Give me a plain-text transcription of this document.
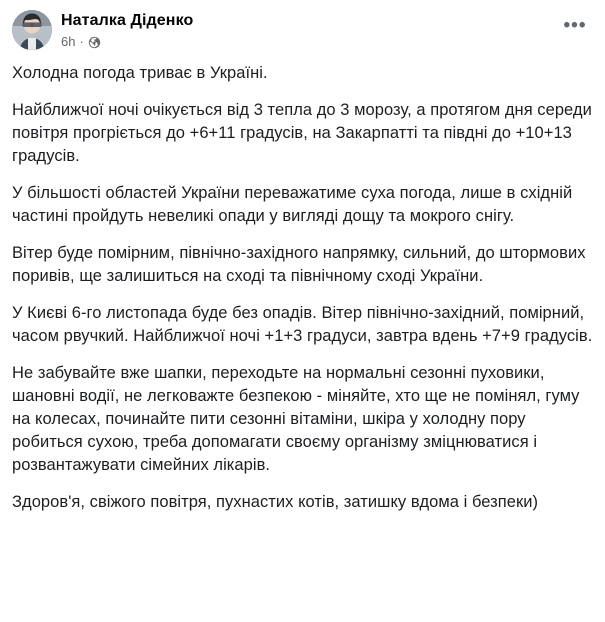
Наталка Діденко
6h ·
•••

Холодна погода триває в Україні.

Найближчої ночі очікується від 3 тепла до 3 морозу, а протягом дня середи повітря прогріється до +6+11 градусів, на Закарпатті та півдні до +10+13 градусів.

У більшості областей України переважатиме суха погода, лише в східній частині пройдуть невеликі опади у вигляді дощу та мокрого снігу.

Вітер буде помірним, північно-західного напрямку, сильний, до штормових поривів, ще залишиться на сході та північному сході України.

У Києві 6-го листопада буде без опадів. Вітер північно-західний, помірний, часом рвучкий. Найближчої ночі +1+3 градуси, завтра вдень +7+9 градусів.

Не забувайте вже шапки, переходьте на нормальні сезонні пуховики, шановні водії, не легковажте безпекою - міняйте, хто ще не помінял, гуму на колесах, починайте пити сезонні вітаміни, шкіра у холодну пору робиться сухою, треба допомагати своєму організму зміцнюватися і розвантажувати сімейних лікарів.

Здоров'я, свіжого повітря, пухнастих котів, затишку вдома і безпеки)
